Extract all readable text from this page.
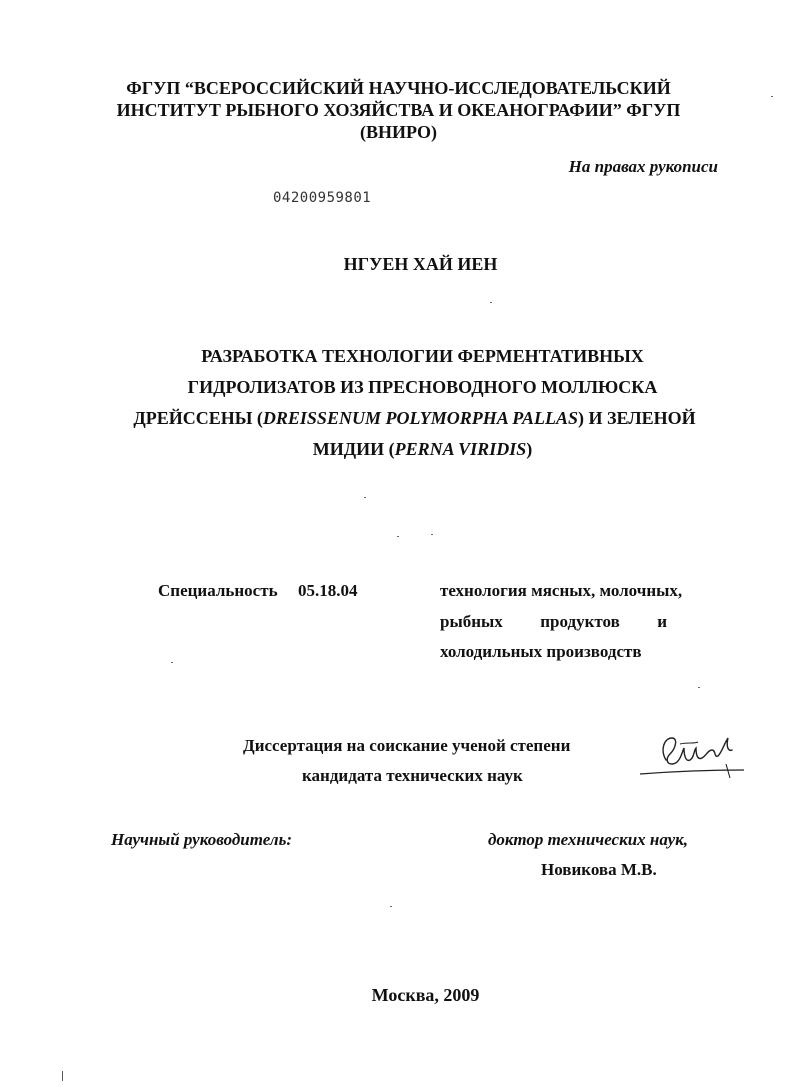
ФГУП “ВСЕРОССИЙСКИЙ НАУЧНО-ИССЛЕДОВАТЕЛЬСКИЙ
ИНСТИТУТ РЫБНОГО ХОЗЯЙСТВА И ОКЕАНОГРАФИИ” ФГУП
(ВНИРО)
На правах рукописи
04200959801
НГУЕН ХАЙ ИЕН
РАЗРАБОТКА ТЕХНОЛОГИИ ФЕРМЕНТАТИВНЫХ
ГИДРОЛИЗАТОВ ИЗ ПРЕСНОВОДНОГО МОЛЛЮСКА
ДРЕЙССЕНЫ (DREISSENUM POLYMORPHA PALLAS) И ЗЕЛЕНОЙ
МИДИИ (PERNA VIRIDIS)
Специальность 05.18.04	технология мясных, молочных,
рыбных продуктов и
холодильных производств
Диссертация на соискание ученой степени
кандидата технических наук
Научный руководитель:	доктор технических наук,
Новикова М.В.
Москва, 2009
